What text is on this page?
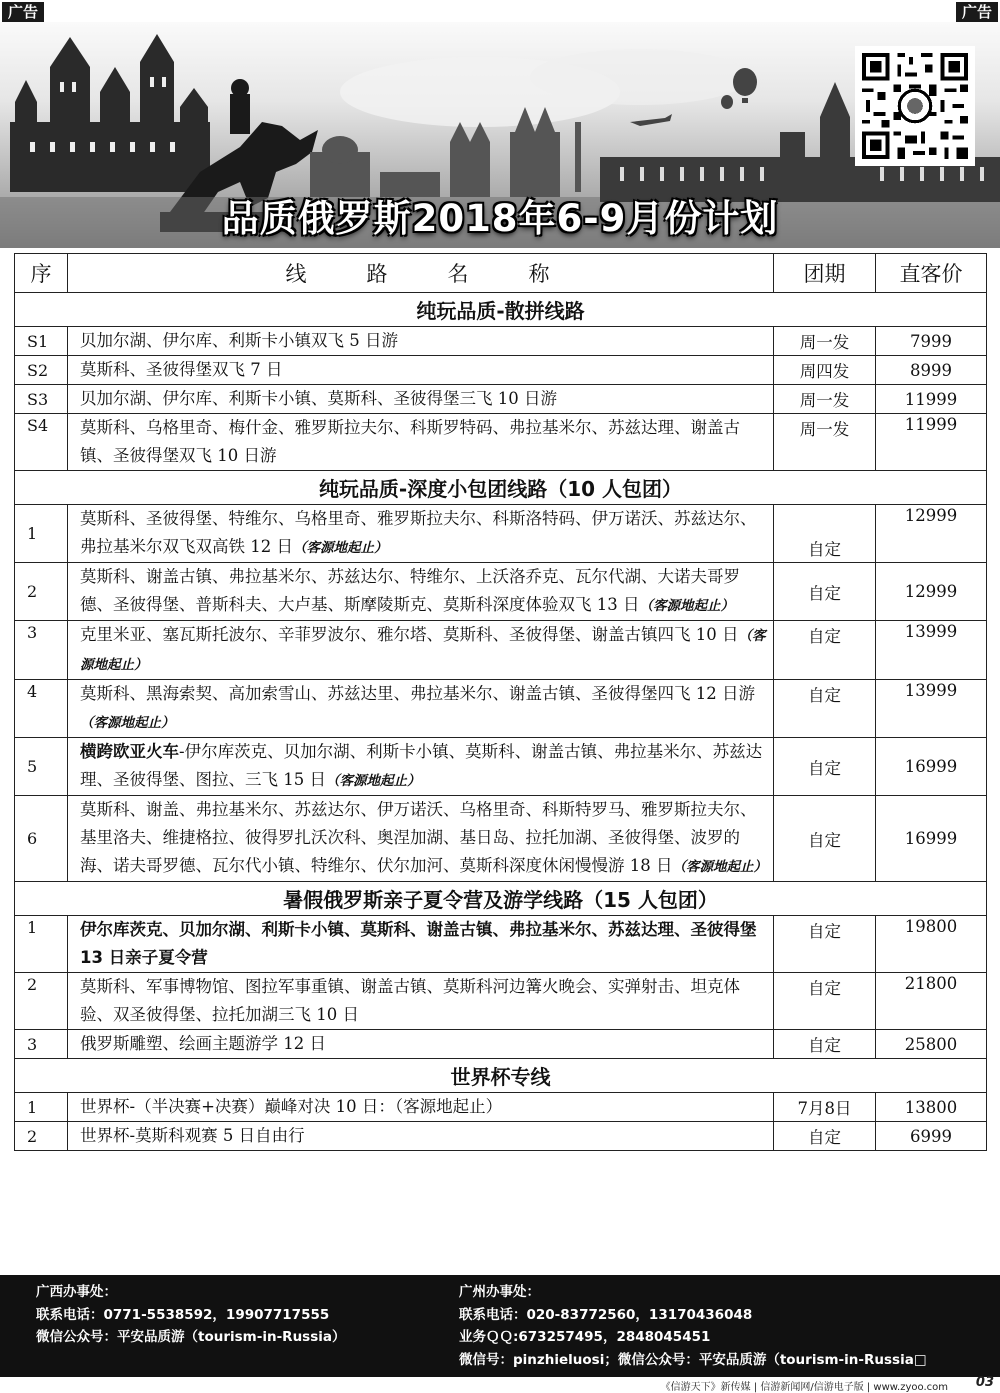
广告	广告
品质俄罗斯2018年6-9月份计划
序	线路名称	团期	直客价
纯玩品质-散拼线路			
S1	贝加尔湖、伊尔库、利斯卡小镇双飞 5 日游	周一发	7999
S2	莫斯科、圣彼得堡双飞 7 日	周四发	8999
S3	贝加尔湖、伊尔库、利斯卡小镇、莫斯科、圣彼得堡三飞 10 日游	周一发	11999
S4	莫斯科、乌格里奇、梅什金、雅罗斯拉夫尔、科斯罗特码、弗拉基米尔、苏兹达理、谢盖古镇、圣彼得堡双飞 10 日游	周一发	11999
纯玩品质-深度小包团线路（10 人包团）			
1	莫斯科、圣彼得堡、特维尔、乌格里奇、雅罗斯拉夫尔、科斯洛特码、伊万诺沃、苏兹达尔、弗拉基米尔双飞双高铁 12 日（客源地起止）	自定	12999
2	莫斯科、谢盖古镇、弗拉基米尔、苏兹达尔、特维尔、上沃洛乔克、瓦尔代湖、大诺夫哥罗德、圣彼得堡、普斯科夫、大卢基、斯摩陵斯克、莫斯科深度体验双飞 13 日（客源地起止）	自定	12999
3	克里米亚、塞瓦斯托波尔、辛菲罗波尔、雅尔塔、莫斯科、圣彼得堡、谢盖古镇四飞 10 日（客源地起止）	自定	13999
4	莫斯科、黑海索契、高加索雪山、苏兹达里、弗拉基米尔、谢盖古镇、圣彼得堡四飞 12 日游（客源地起止）	自定	13999
5	横跨欧亚火车-伊尔库茨克、贝加尔湖、利斯卡小镇、莫斯科、谢盖古镇、弗拉基米尔、苏兹达理、圣彼得堡、图拉、三飞 15 日（客源地起止）	自定	16999
6	莫斯科、谢盖、弗拉基米尔、苏兹达尔、伊万诺沃、乌格里奇、科斯特罗马、雅罗斯拉夫尔、基里洛夫、维捷格拉、彼得罗扎沃次科、奥涅加湖、基日岛、拉托加湖、圣彼得堡、波罗的海、诺夫哥罗德、瓦尔代小镇、特维尔、伏尔加河、莫斯科深度休闲慢慢游 18 日（客源地起止）	自定	16999
暑假俄罗斯亲子夏令营及游学线路（15 人包团）			
1	伊尔库茨克、贝加尔湖、利斯卡小镇、莫斯科、谢盖古镇、弗拉基米尔、苏兹达理、圣彼得堡 13 日亲子夏令营	自定	19800
2	莫斯科、军事博物馆、图拉军事重镇、谢盖古镇、莫斯科河边篝火晚会、实弹射击、坦克体验、双圣彼得堡、拉托加湖三飞 10 日	自定	21800
3	俄罗斯雕塑、绘画主题游学 12 日	自定	25800
世界杯专线			
1	世界杯-（半决赛+决赛）巅峰对决 10 日：（客源地起止）	7月8日	13800
2	世界杯-莫斯科观赛 5 日自由行	自定	6999
广西办事处：
联系电话：0771-5538592，19907717555
微信公众号：平安品质游（tourism-in-Russia）
广州办事处：
联系电话：020-83772560，13170436048
业务ＱＱ:673257495，2848045451
微信号：pinzhieluosi；微信公众号：平安品质游（tourism-in-Russia□
《信游天下》新传媒 | 信游新闻网/信游电子版 | www.zyoo.com 03
